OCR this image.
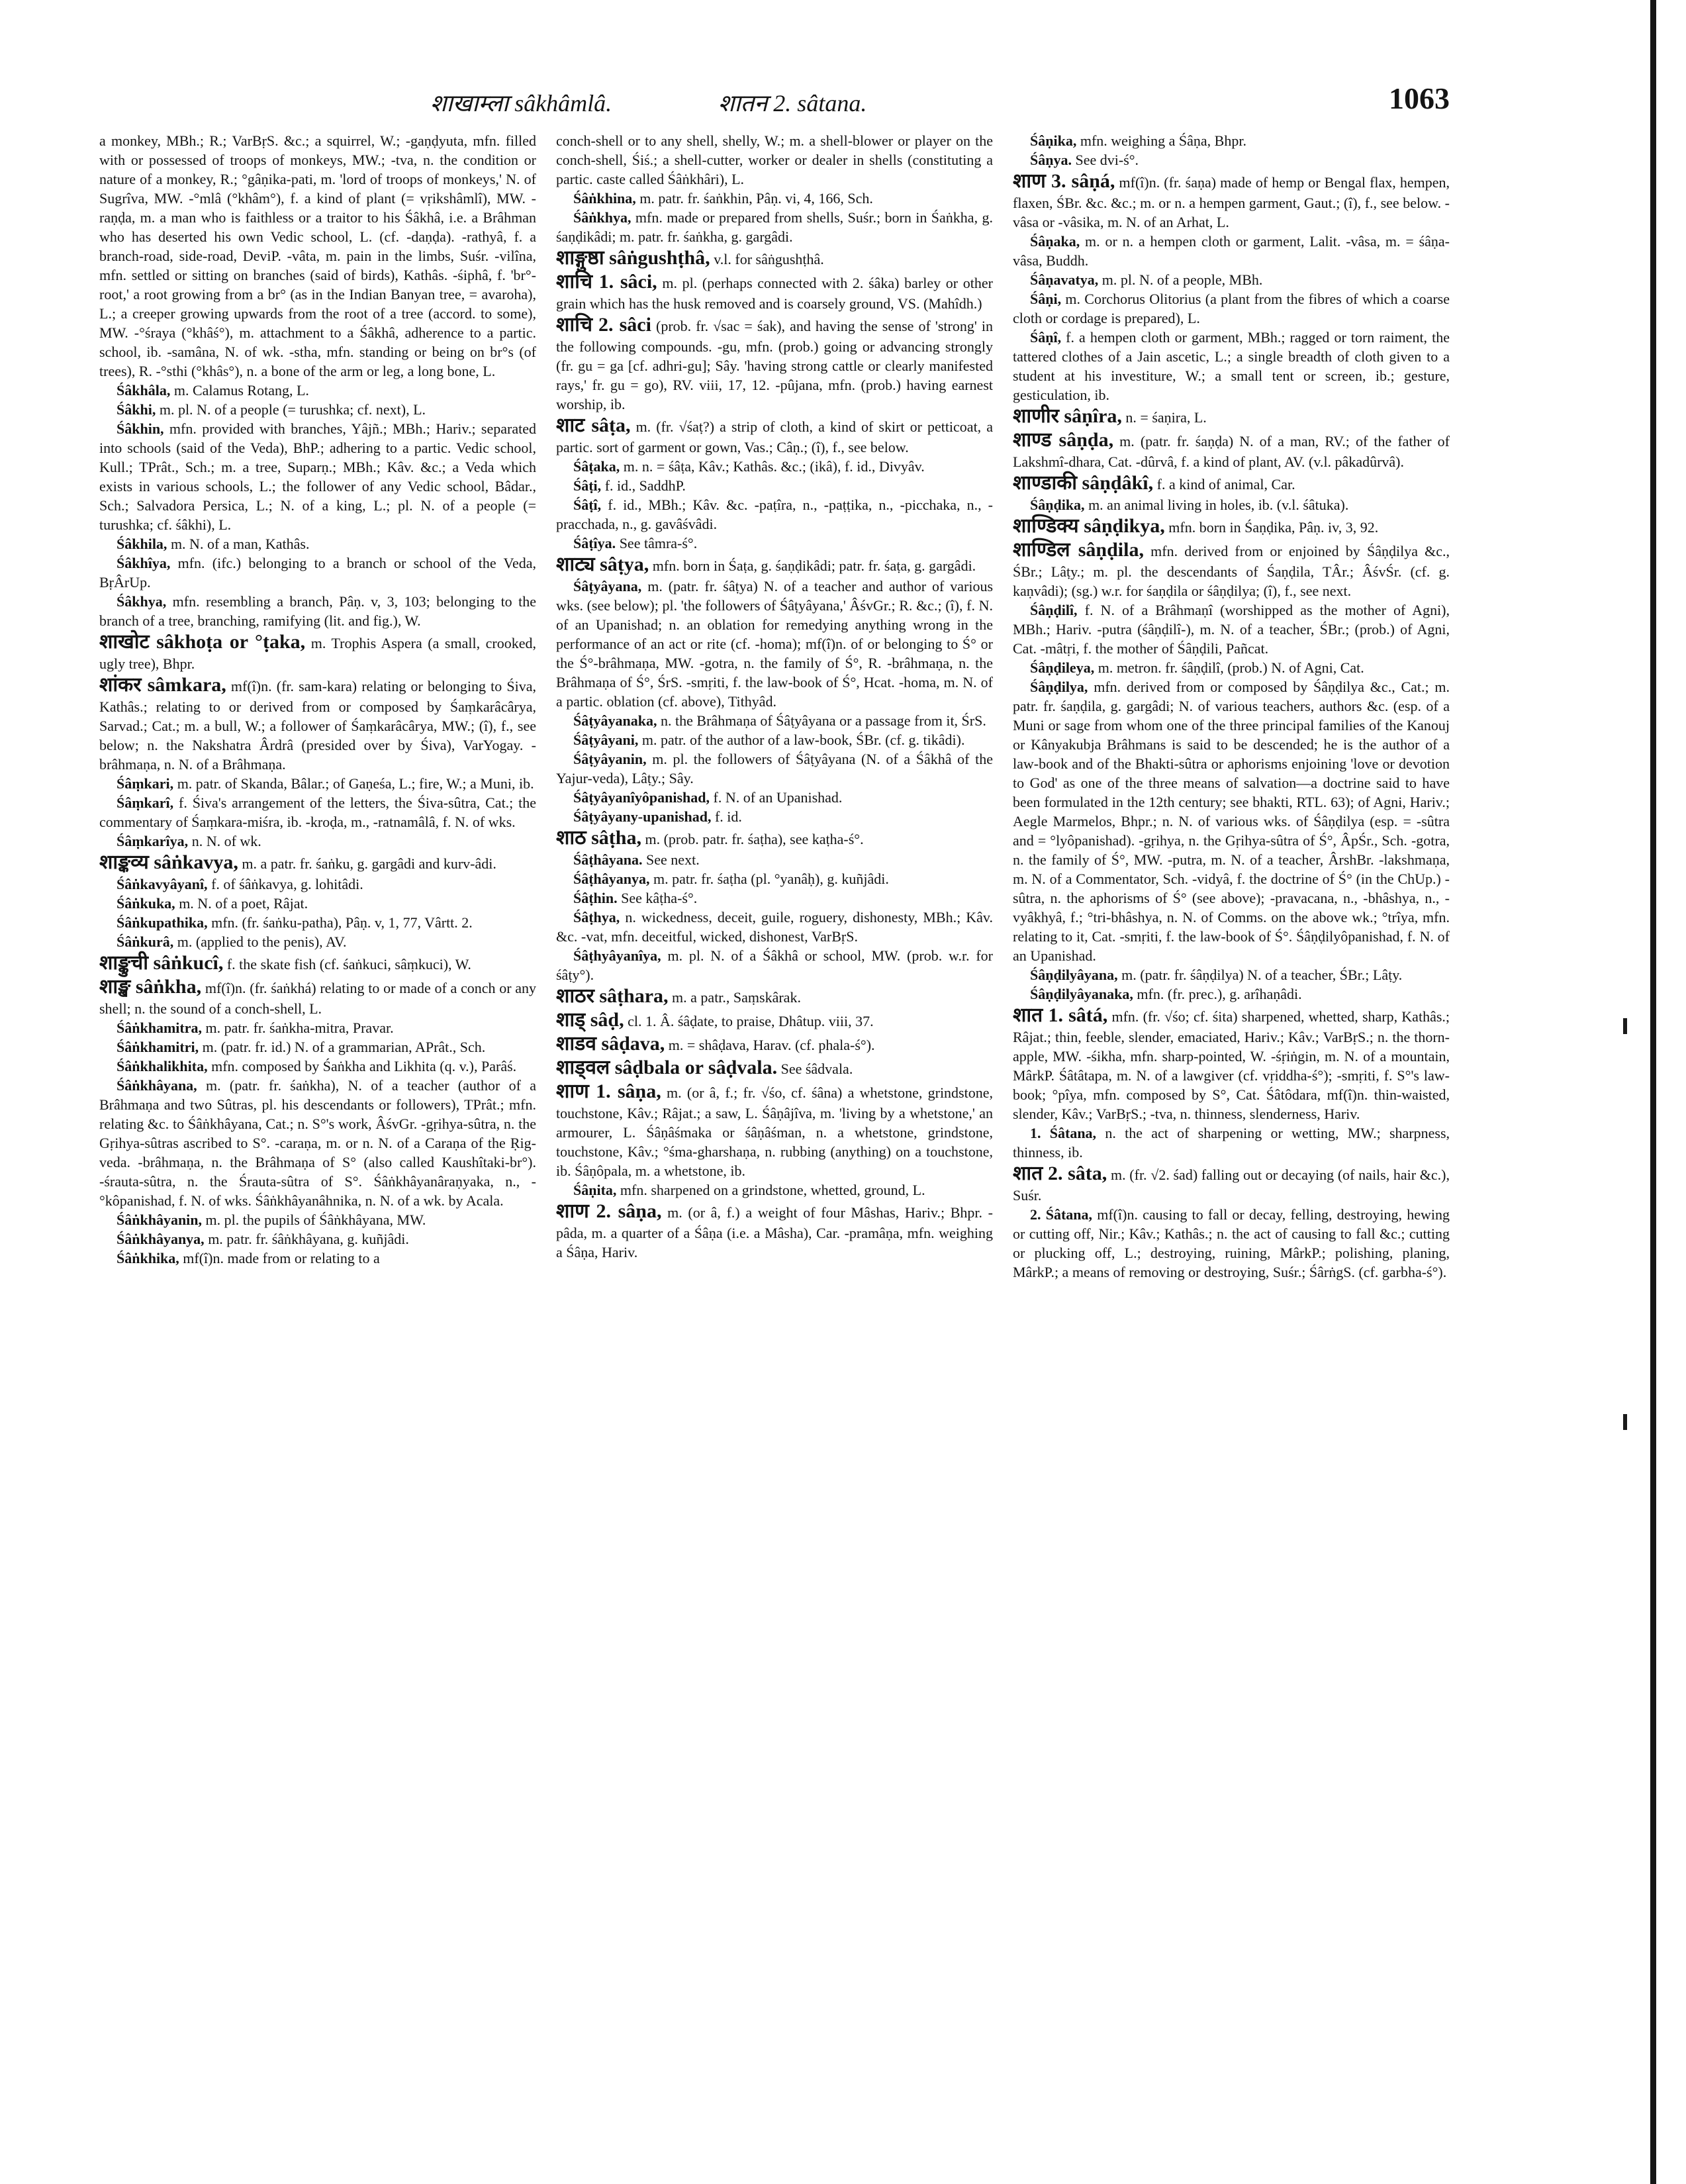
शाखाम्ला sâkhâmlâ.	शातन 2. sâtana.	1063

a monkey, MBh.; R.; VarBṛS. &c.; a squirrel, W.; -gaṇḍyuta, mfn. filled with or possessed of troops of monkeys, MW.; -tva, n. the condition or nature of a monkey, R.; °gâṇika-pati, m. 'lord of troops of monkeys,' N. of Sugrîva, MW. -°mlâ (°khâm°), f. a kind of plant (= vṛikshâmlî), MW. -raṇḍa, m. a man who is faithless or a traitor to his Śâkhâ, i.e. a Brâhman who has deserted his own Vedic school, L. (cf. -daṇḍa). -rathyâ, f. a branch-road, side-road, DeviP. -vâta, m. pain in the limbs, Suśr. -vilîna, mfn. settled or sitting on branches (said of birds), Kathâs. -śiphâ, f. 'br°-root,' a root growing from a br° (as in the Indian Banyan tree, = avaroha), L.; a creeper growing upwards from the root of a tree (accord. to some), MW. -°śraya (°khâś°), m. attachment to a Śâkhâ, adherence to a partic. school, ib. -samâna, N. of wk. -stha, mfn. standing or being on br°s (of trees), R. -°sthi (°khâs°), n. a bone of the arm or leg, a long bone, L.

Śâkhâla, m. Calamus Rotang, L.

Śâkhi, m. pl. N. of a people (= turushka; cf. next), L.

Śâkhin, mfn. provided with branches, Yâjñ.; MBh.; Hariv.; separated into schools (said of the Veda), BhP.; adhering to a partic. Vedic school, Kull.; TPrât., Sch.; m. a tree, Suparṇ.; MBh.; Kâv. &c.; a Veda which exists in various schools, L.; the follower of any Vedic school, Bâdar., Sch.; Salvadora Persica, L.; N. of a king, L.; pl. N. of a people (= turushka; cf. śâkhi), L.

Śâkhila, m. N. of a man, Kathâs.

Śâkhîya, mfn. (ifc.) belonging to a branch or school of the Veda, BṛÂrUp.

Śâkhya, mfn. resembling a branch, Pâṇ. v, 3, 103; belonging to the branch of a tree, branching, ramifying (lit. and fig.), W.

शाखोट sâkhoṭa or °ṭaka, m. Trophis Aspera (a small, crooked, ugly tree), Bhpr.

शांकर sâmkara, mf(î)n. (fr. sam-kara) relating or belonging to Śiva, Kathâs.; relating to or derived from or composed by Śaṃkarâcârya, Sarvad.; Cat.; m. a bull, W.; a follower of Śaṃkarâcârya, MW.; (î), f., see below; n. the Nakshatra Ârdrâ (presided over by Śiva), VarYogay. -brâhmaṇa, n. N. of a Brâhmaṇa.

Śâṃkari, m. patr. of Skanda, Bâlar.; of Gaṇeśa, L.; fire, W.; a Muni, ib.

Śâṃkarî, f. Śiva's arrangement of the letters, the Śiva-sûtra, Cat.; the commentary of Śaṃkara-miśra, ib. -kroḍa, m., -ratnamâlâ, f. N. of wks.

Śâṃkarîya, n. N. of wk.

शाङ्कव्य sâṅkavya, m. a patr. fr. śaṅku, g. gargâdi and kurv-âdi.

Śâṅkavyâyanî, f. of śâṅkavya, g. lohitâdi.

Śâṅkuka, m. N. of a poet, Râjat.

Śâṅkupathika, mfn. (fr. śaṅku-patha), Pâṇ. v, 1, 77, Vârtt. 2.

Śâṅkurâ, m. (applied to the penis), AV.

शाङ्कुची sâṅkucî, f. the skate fish (cf. śaṅkuci, sâṃkuci), W.

शाङ्ख sâṅkha, mf(î)n. (fr. śaṅkhá) relating to or made of a conch or any shell; n. the sound of a conch-shell, L.

Śâṅkhamitra, m. patr. fr. śaṅkha-mitra, Pravar.

Śâṅkhamitri, m. (patr. fr. id.) N. of a grammarian, APrât., Sch.

Śâṅkhalikhita, mfn. composed by Śaṅkha and Likhita (q. v.), Parâś.

Śâṅkhâyana, m. (patr. fr. śaṅkha), N. of a teacher (author of a Brâhmaṇa and two Sûtras, pl. his descendants or followers), TPrât.; mfn. relating &c. to Śâṅkhâyana, Cat.; n. S°'s work, ÂśvGr. -gṛihya-sûtra, n. the Gṛihya-sûtras ascribed to S°. -caraṇa, m. or n. N. of a Caraṇa of the Ṛig-veda. -brâhmaṇa, n. the Brâhmaṇa of S° (also called Kaushîtaki-br°). -śrauta-sûtra, n. the Śrauta-sûtra of S°. Śâṅkhâyanâraṇyaka, n., -°kôpanishad, f. N. of wks. Śâṅkhâyanâhnika, n. N. of a wk. by Acala.

Śâṅkhâyanin, m. pl. the pupils of Śâṅkhâyana, MW.

Śâṅkhâyanya, m. patr. fr. śâṅkhâyana, g. kuñjâdi.

Śâṅkhika, mf(î)n. made from or relating to a

conch-shell or to any shell, shelly, W.; m. a shell-blower or player on the conch-shell, Śiś.; a shell-cutter, worker or dealer in shells (constituting a partic. caste called Śâṅkhâri), L.

Śâṅkhina, m. patr. fr. śaṅkhin, Pâṇ. vi, 4, 166, Sch.

Śâṅkhya, mfn. made or prepared from shells, Suśr.; born in Śaṅkha, g. śaṇḍikâdi; m. patr. fr. śaṅkha, g. gargâdi.

शाङ्गुष्ठा sâṅgushṭhâ, v.l. for sâṅgushṭhâ.

शाचि 1. sâci, m. pl. (perhaps connected with 2. śâka) barley or other grain which has the husk removed and is coarsely ground, VS. (Mahîdh.)

शाचि 2. sâci (prob. fr. √sac = śak), and having the sense of 'strong' in the following compounds. -gu, mfn. (prob.) going or advancing strongly (fr. gu = ga [cf. adhri-gu]; Sây. 'having strong cattle or clearly manifested rays,' fr. gu = go), RV. viii, 17, 12. -pûjana, mfn. (prob.) having earnest worship, ib.

शाट sâṭa, m. (fr. √śaṭ?) a strip of cloth, a kind of skirt or petticoat, a partic. sort of garment or gown, Vas.; Câṇ.; (î), f., see below.

Śâṭaka, m. n. = śâṭa, Kâv.; Kathâs. &c.; (ikâ), f. id., Divyâv.

Śâṭi, f. id., SaddhP.

Śâṭî, f. id., MBh.; Kâv. &c. -paṭîra, n., -paṭṭika, n., -picchaka, n., -pracchada, n., g. gavâśvâdi.

Śâṭîya. See tâmra-ś°.

शाट्य sâṭya, mfn. born in Śaṭa, g. śaṇḍikâdi; patr. fr. śaṭa, g. gargâdi.

Śâṭyâyana, m. (patr. fr. śâṭya) N. of a teacher and author of various wks. (see below); pl. 'the followers of Śâṭyâyana,' ÂśvGr.; R. &c.; (î), f. N. of an Upanishad; n. an oblation for remedying anything wrong in the performance of an act or rite (cf. -homa); mf(î)n. of or belonging to Ś° or the Ś°-brâhmaṇa, MW. -gotra, n. the family of Ś°, R. -brâhmaṇa, n. the Brâhmaṇa of Ś°, ŚrS. -smṛiti, f. the law-book of Ś°, Hcat. -homa, m. N. of a partic. oblation (cf. above), Tithyâd.

Śâṭyâyanaka, n. the Brâhmaṇa of Śâṭyâyana or a passage from it, ŚrS.

Śâṭyâyani, m. patr. of the author of a law-book, ŚBr. (cf. g. tikâdi).

Śâṭyâyanin, m. pl. the followers of Śâṭyâyana (N. of a Śâkhâ of the Yajur-veda), Lâṭy.; Sây.

Śâṭyâyanîyôpanishad, f. N. of an Upanishad.

Śâṭyâyany-upanishad, f. id.

शाठ sâṭha, m. (prob. patr. fr. śaṭha), see kaṭha-ś°.

Śâṭhâyana. See next.

Śâṭhâyanya, m. patr. fr. śaṭha (pl. °yanâḥ), g. kuñjâdi.

Śâṭhin. See kâṭha-ś°.

Śâṭhya, n. wickedness, deceit, guile, roguery, dishonesty, MBh.; Kâv. &c. -vat, mfn. deceitful, wicked, dishonest, VarBṛS.

Śâṭhyâyanîya, m. pl. N. of a Śâkhâ or school, MW. (prob. w.r. for śâṭy°).

शाठर sâṭhara, m. a patr., Saṃskârak.

शाड् sâḍ, cl. 1. Â. śâḍate, to praise, Dhâtup. viii, 37.

शाडव sâḍava, m. = shâḍava, Harav. (cf. phala-ś°).

शाड्वल sâḍbala or sâḍvala. See śâdvala.

शाण 1. sâṇa, m. (or â, f.; fr. √śo, cf. śâna) a whetstone, grindstone, touchstone, Kâv.; Râjat.; a saw, L. Śâṇâjîva, m. 'living by a whetstone,' an armourer, L. Śâṇâśmaka or śâṇâśman, n. a whetstone, grindstone, touchstone, Kâv.; °śma-gharshaṇa, n. rubbing (anything) on a touchstone, ib. Śâṇôpala, m. a whetstone, ib.

Śâṇita, mfn. sharpened on a grindstone, whetted, ground, L.

शाण 2. sâṇa, m. (or â, f.) a weight of four Mâshas, Hariv.; Bhpr. -pâda, m. a quarter of a Śâṇa (i.e. a Mâsha), Car. -pramâṇa, mfn. weighing a Śâṇa, Hariv.

Śâṇika, mfn. weighing a Śâṇa, Bhpr.

Śâṇya. See dvi-ś°.

शाण 3. sâṇá, mf(î)n. (fr. śaṇa) made of hemp or Bengal flax, hempen, flaxen, ŚBr. &c. &c.; m. or n. a hempen garment, Gaut.; (î), f., see below. -vâsa or -vâsika, m. N. of an Arhat, L.

Śâṇaka, m. or n. a hempen cloth or garment, Lalit. -vâsa, m. = śâṇa-vâsa, Buddh.

Śâṇavatya, m. pl. N. of a people, MBh.

Śâṇi, m. Corchorus Olitorius (a plant from the fibres of which a coarse cloth or cordage is prepared), L.

Śâṇî, f. a hempen cloth or garment, MBh.; ragged or torn raiment, the tattered clothes of a Jain ascetic, L.; a single breadth of cloth given to a student at his investiture, W.; a small tent or screen, ib.; gesture, gesticulation, ib.

शाणीर sâṇîra, n. = śaṇira, L.

शाण्ड sâṇḍa, m. (patr. fr. śaṇḍa) N. of a man, RV.; of the father of Lakshmî-dhara, Cat. -dûrvâ, f. a kind of plant, AV. (v.l. pâkadûrvâ).

शाण्डाकी sâṇḍâkî, f. a kind of animal, Car.

Śâṇḍika, m. an animal living in holes, ib. (v.l. śâtuka).

शाण्डिक्य sâṇḍikya, mfn. born in Śaṇḍika, Pâṇ. iv, 3, 92.

शाण्डिल sâṇḍila, mfn. derived from or enjoined by Śâṇḍilya &c., ŚBr.; Lâṭy.; m. pl. the descendants of Śaṇḍila, TÂr.; ÂśvŚr. (cf. g. kaṇvâdi); (sg.) w.r. for śaṇḍila or śâṇḍilya; (î), f., see next.

Śâṇḍilî, f. N. of a Brâhmaṇî (worshipped as the mother of Agni), MBh.; Hariv. -putra (śâṇḍilî-), m. N. of a teacher, ŚBr.; (prob.) of Agni, Cat. -mâtṛi, f. the mother of Śâṇḍili, Pañcat.

Śâṇḍileya, m. metron. fr. śâṇḍilî, (prob.) N. of Agni, Cat.

Śâṇḍilya, mfn. derived from or composed by Śâṇḍilya &c., Cat.; m. patr. fr. śaṇḍila, g. gargâdi; N. of various teachers, authors &c. (esp. of a Muni or sage from whom one of the three principal families of the Kanouj or Kânyakubja Brâhmans is said to be descended; he is the author of a law-book and of the Bhakti-sûtra or aphorisms enjoining 'love or devotion to God' as one of the three means of salvation—a doctrine said to have been formulated in the 12th century; see bhakti, RTL. 63); of Agni, Hariv.; Aegle Marmelos, Bhpr.; n. N. of various wks. of Śâṇḍilya (esp. = -sûtra and = °lyôpanishad). -gṛihya, n. the Gṛihya-sûtra of Ś°, ÂpŚr., Sch. -gotra, n. the family of Ś°, MW. -putra, m. N. of a teacher, ÂrshBr. -lakshmaṇa, m. N. of a Commentator, Sch. -vidyâ, f. the doctrine of Ś° (in the ChUp.) -sûtra, n. the aphorisms of Ś° (see above); -pravacana, n., -bhâshya, n., -vyâkhyâ, f.; °tri-bhâshya, n. N. of Comms. on the above wk.; °trîya, mfn. relating to it, Cat. -smṛiti, f. the law-book of Ś°. Śâṇḍilyôpanishad, f. N. of an Upanishad.

Śâṇḍilyâyana, m. (patr. fr. śâṇḍilya) N. of a teacher, ŚBr.; Lâṭy.

Śâṇḍilyâyanaka, mfn. (fr. prec.), g. arîhaṇâdi.

शात 1. sâtá, mfn. (fr. √śo; cf. śita) sharpened, whetted, sharp, Kathâs.; Râjat.; thin, feeble, slender, emaciated, Hariv.; Kâv.; VarBṛS.; n. the thorn-apple, MW. -śikha, mfn. sharp-pointed, W. -śṛiṅgin, m. N. of a mountain, MârkP. Śâtâtapa, m. N. of a lawgiver (cf. vṛiddha-ś°); -smṛiti, f. S°'s law-book; °pîya, mfn. composed by S°, Cat. Śâtôdara, mf(î)n. thin-waisted, slender, Kâv.; VarBṛS.; -tva, n. thinness, slenderness, Hariv.

1. Śâtana, n. the act of sharpening or wetting, MW.; sharpness, thinness, ib.

शात 2. sâta, m. (fr. √2. śad) falling out or decaying (of nails, hair &c.), Suśr.

2. Śâtana, mf(î)n. causing to fall or decay, felling, destroying, hewing or cutting off, Nir.; Kâv.; Kathâs.; n. the act of causing to fall &c.; cutting or plucking off, L.; destroying, ruining, MârkP.; polishing, planing, MârkP.; a means of removing or destroying, Suśr.; ŚârṅgS. (cf. garbha-ś°).
